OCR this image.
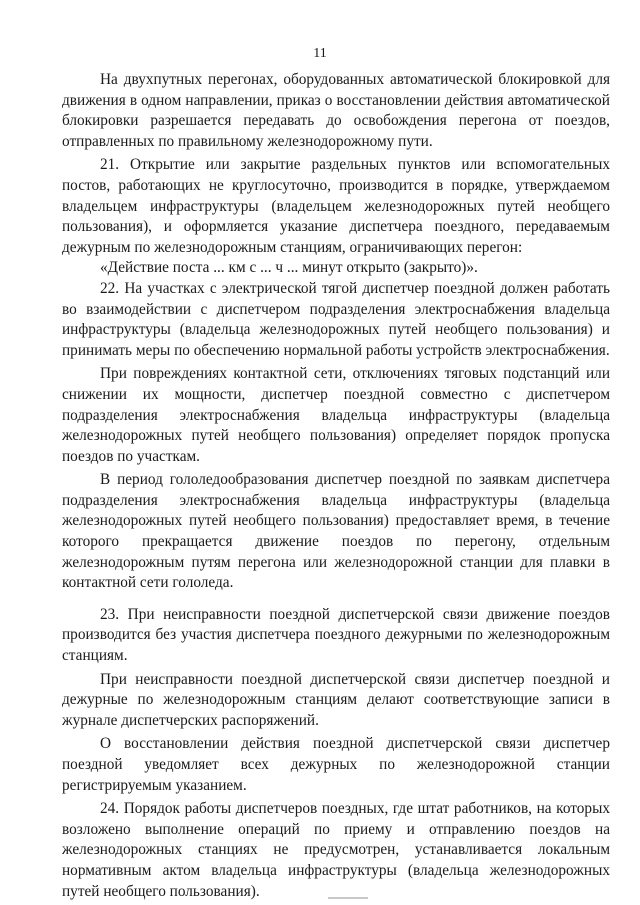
11

На двухпутных перегонах, оборудованных автоматической блокировкой для движения в одном направлении, приказ о восстановлении действия автоматической блокировки разрешается передавать до освобождения перегона от поездов, отправленных по правильному железнодорожному пути.

21. Открытие или закрытие раздельных пунктов или вспомогательных постов, работающих не круглосуточно, производится в порядке, утверждаемом владельцем инфраструктуры (владельцем железнодорожных путей необщего пользования), и оформляется указание диспетчера поездного, передаваемым дежурным по железнодорожным станциям, ограничивающих перегон:

«Действие поста ... км с ... ч ... минут открыто (закрыто)».

22. На участках с электрической тягой диспетчер поездной должен работать во взаимодействии с диспетчером подразделения электроснабжения владельца инфраструктуры (владельца железнодорожных путей необщего пользования) и принимать меры по обеспечению нормальной работы устройств электроснабжения.

При повреждениях контактной сети, отключениях тяговых подстанций или снижении их мощности, диспетчер поездной совместно с диспетчером подразделения электроснабжения владельца инфраструктуры (владельца железнодорожных путей необщего пользования) определяет порядок пропуска поездов по участкам.

В период гололедообразования диспетчер поездной по заявкам диспетчера подразделения электроснабжения владельца инфраструктуры (владельца железнодорожных путей необщего пользования) предоставляет время, в течение которого прекращается движение поездов по перегону, отдельным железнодорожным путям перегона или железнодорожной станции для плавки в контактной сети гололеда.

23. При неисправности поездной диспетчерской связи движение поездов производится без участия диспетчера поездного дежурными по железнодорожным станциям.

При неисправности поездной диспетчерской связи диспетчер поездной и дежурные по железнодорожным станциям делают соответствующие записи в журнале диспетчерских распоряжений.

О восстановлении действия поездной диспетчерской связи диспетчер поездной уведомляет всех дежурных по железнодорожной станции регистрируемым указанием.

24. Порядок работы диспетчеров поездных, где штат работников, на которых возложено выполнение операций по приему и отправлению поездов на железнодорожных станциях не предусмотрен, устанавливается локальным нормативным актом владельца инфраструктуры (владельца железнодорожных путей необщего пользования).
